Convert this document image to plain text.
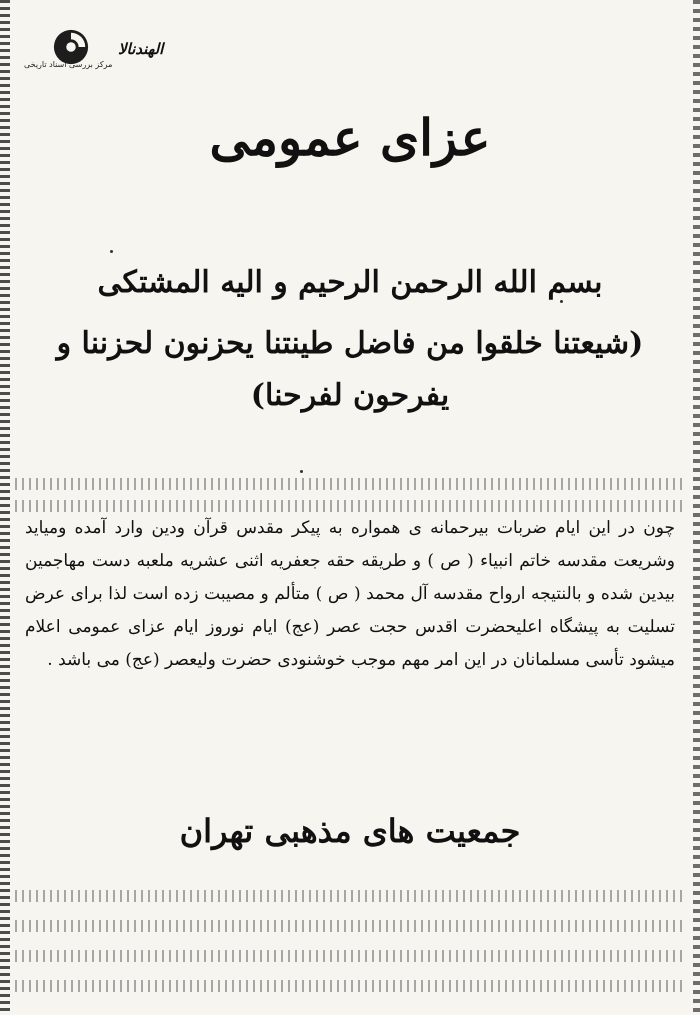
مرکز بررسی اسناد تاریخی
الهندنالا
عزای عمومی
بسم الله الرحمن الرحیم و الیه المشتکی
(شیعتنا خلقوا من فاضل طینتنا یحزنون لحزننا و یفرحون لفرحنا)
چون در این ایام ضربات بیرحمانه ی همواره به پیکر مقدس قرآن ودین وارد آمده ومیاید وشریعت مقدسه خاتم انبیاء ( ص ) و طریقه حقه جعفریه اثنی عشریه ملعبه دست مهاجمین بیدین شده و بالنتیجه ارواح مقدسه آل محمد ( ص ) متألم و مصیبت زده است لذا برای عرض تسلیت به پیشگاه اعلیحضرت اقدس حجت عصر (عج) ایام نوروز ایام عزای عمومی اعلام میشود تأسی مسلمانان در این امر مهم موجب خوشنودی حضرت ولیعصر (عج) می باشد .
جمعیت های مذهبی تهران
